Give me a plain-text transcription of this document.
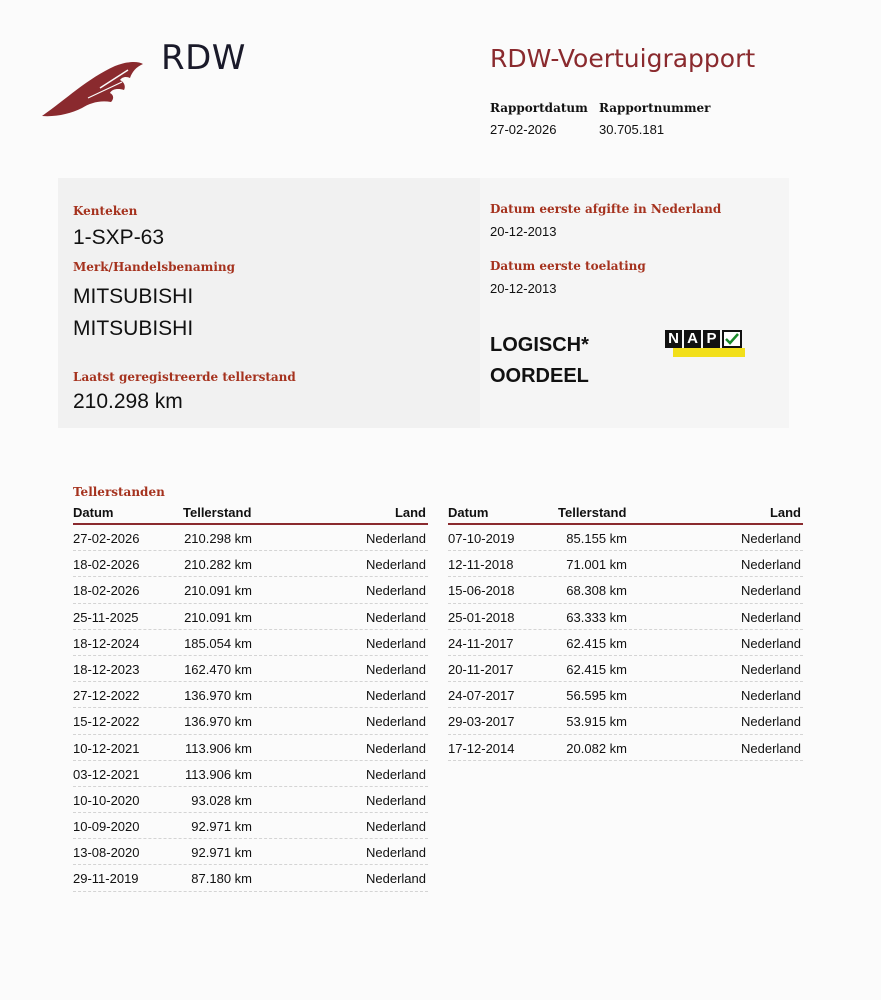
RDW	RDW-Voertuigrapport
Rapportdatum
27-02-2026
Rapportnummer
30.705.181
Kenteken
1-SXP-63
Merk/Handelsbenaming
MITSUBISHI
MITSUBISHI
Laatst geregistreerde tellerstand
210.298 km
Datum eerste afgifte in Nederland
20-12-2013
Datum eerste toelating
20-12-2013
LOGISCH*
OORDEEL
N A P
Tellerstanden
Datum	Tellerstand	Land
27-02-2026	210.298 km	Nederland
18-02-2026	210.282 km	Nederland
18-02-2026	210.091 km	Nederland
25-11-2025	210.091 km	Nederland
18-12-2024	185.054 km	Nederland
18-12-2023	162.470 km	Nederland
27-12-2022	136.970 km	Nederland
15-12-2022	136.970 km	Nederland
10-12-2021	113.906 km	Nederland
03-12-2021	113.906 km	Nederland
10-10-2020	93.028 km	Nederland
10-09-2020	92.971 km	Nederland
13-08-2020	92.971 km	Nederland
29-11-2019	87.180 km	Nederland
Datum	Tellerstand	Land
07-10-2019	85.155 km	Nederland
12-11-2018	71.001 km	Nederland
15-06-2018	68.308 km	Nederland
25-01-2018	63.333 km	Nederland
24-11-2017	62.415 km	Nederland
20-11-2017	62.415 km	Nederland
24-07-2017	56.595 km	Nederland
29-03-2017	53.915 km	Nederland
17-12-2014	20.082 km	Nederland
